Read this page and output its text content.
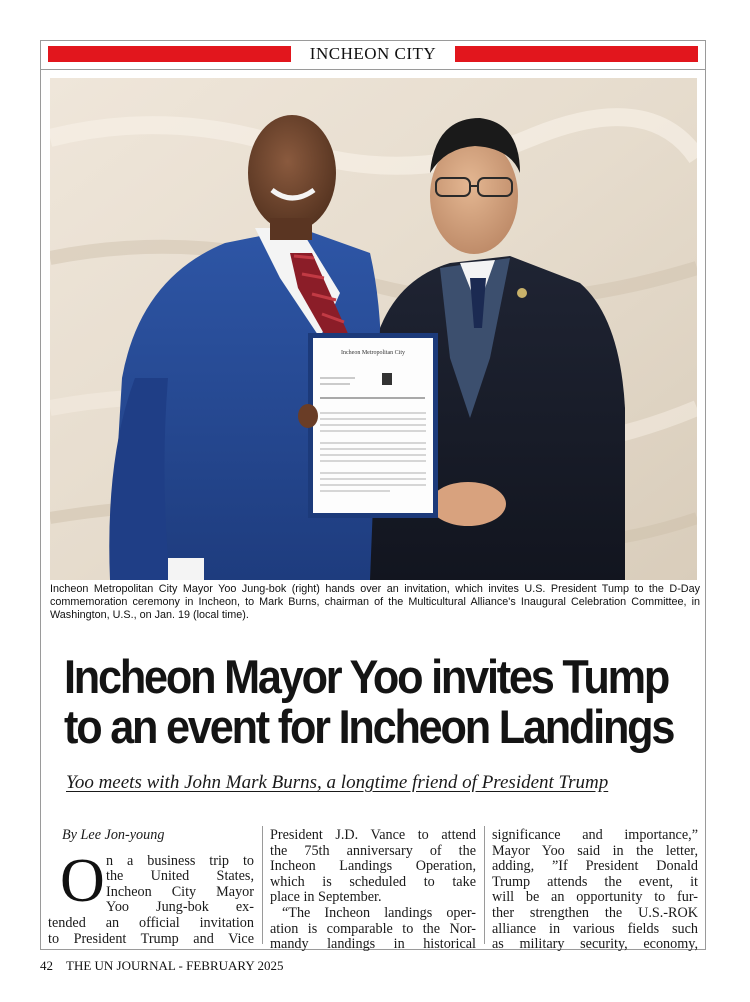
INCHEON CITY
Incheon Metropolitan City
Incheon Metropolitan City Mayor Yoo Jung-bok (right) hands over an invitation, which invites U.S. President Tump to the D-Day commemoration ceremony in Incheon, to Mark Burns, chairman of the Multicultural Alliance's Inaugural Celebration Committee, in Washington, U.S., on Jan. 19 (local time).
Incheon Mayor Yoo invites Tump
to an event for Incheon Landings
Yoo meets with John Mark Burns, a longtime friend of President Trump
By Lee Jon-young
O n a business trip to
the United States,
Incheon City Mayor
Yoo Jung-bok ex-
tended an official invitation
to President Trump and Vice
President J.D. Vance to attend
the 75th anniversary of the
Incheon Landings Operation,
which is scheduled to take
place in September.
“The Incheon landings oper-
ation is comparable to the Nor-
mandy landings in historical
significance and importance,”
Mayor Yoo said in the letter,
adding, ”If President Donald
Trump attends the event, it
will be an opportunity to fur-
ther strengthen the U.S.-ROK
alliance in various fields such
as military security, economy,
42 THE UN JOURNAL - FEBRUARY 2025
